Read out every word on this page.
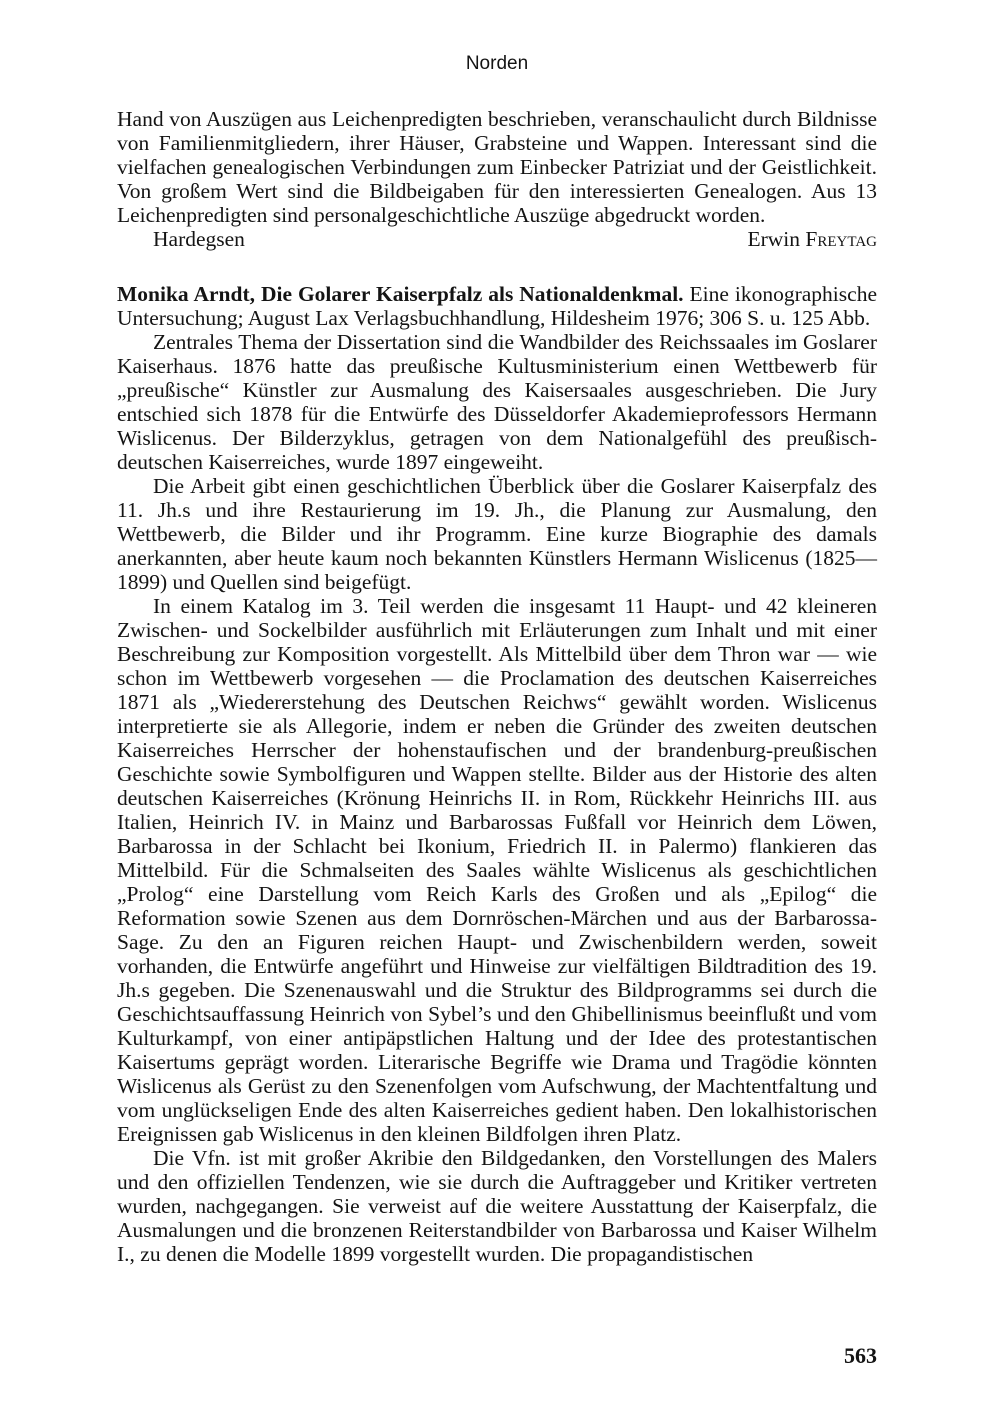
Norden

Hand von Auszügen aus Leichenpredigten beschrieben, veranschaulicht durch Bildnisse von Familienmitgliedern, ihrer Häuser, Grabsteine und Wappen. Interessant sind die vielfachen genealogischen Verbindungen zum Einbecker Patriziat und der Geistlichkeit. Von großem Wert sind die Bildbeigaben für den interessierten Genealogen. Aus 13 Leichenpredigten sind personalgeschichtliche Auszüge abgedruckt worden.

Hardegsen	Erwin Freytag

Monika Arndt, Die Golarer Kaiserpfalz als Nationaldenkmal. Eine ikonographische Untersuchung; August Lax Verlagsbuchhandlung, Hildesheim 1976; 306 S. u. 125 Abb.

Zentrales Thema der Dissertation sind die Wandbilder des Reichssaales im Goslarer Kaiserhaus. 1876 hatte das preußische Kultusministerium einen Wettbewerb für „preußische“ Künstler zur Ausmalung des Kaisersaales ausgeschrieben. Die Jury entschied sich 1878 für die Entwürfe des Düsseldorfer Akademieprofessors Hermann Wislicenus. Der Bilderzyklus, getragen von dem Nationalgefühl des preußisch-deutschen Kaiserreiches, wurde 1897 eingeweiht.

Die Arbeit gibt einen geschichtlichen Überblick über die Goslarer Kaiserpfalz des 11. Jh.s und ihre Restaurierung im 19. Jh., die Planung zur Ausmalung, den Wettbewerb, die Bilder und ihr Programm. Eine kurze Biographie des damals anerkannten, aber heute kaum noch bekannten Künstlers Hermann Wislicenus (1825—1899) und Quellen sind beigefügt.

In einem Katalog im 3. Teil werden die insgesamt 11 Haupt- und 42 kleineren Zwischen- und Sockelbilder ausführlich mit Erläuterungen zum Inhalt und mit einer Beschreibung zur Komposition vorgestellt. Als Mittelbild über dem Thron war — wie schon im Wettbewerb vorgesehen — die Proclamation des deutschen Kaiserreiches 1871 als „Wiedererstehung des Deutschen Reichws“ gewählt worden. Wislicenus interpretierte sie als Allegorie, indem er neben die Gründer des zweiten deutschen Kaiserreiches Herrscher der hohenstaufischen und der brandenburg-preußischen Geschichte sowie Symbolfiguren und Wappen stellte. Bilder aus der Historie des alten deutschen Kaiserreiches (Krönung Heinrichs II. in Rom, Rückkehr Heinrichs III. aus Italien, Heinrich IV. in Mainz und Barbarossas Fußfall vor Heinrich dem Löwen, Barbarossa in der Schlacht bei Ikonium, Friedrich II. in Palermo) flankieren das Mittelbild. Für die Schmalseiten des Saales wählte Wislicenus als geschichtlichen „Prolog“ eine Darstellung vom Reich Karls des Großen und als „Epilog“ die Reformation sowie Szenen aus dem Dornröschen-Märchen und aus der Barbarossa-Sage. Zu den an Figuren reichen Haupt- und Zwischenbildern werden, soweit vorhanden, die Entwürfe angeführt und Hinweise zur vielfältigen Bildtradition des 19. Jh.s gegeben. Die Szenenauswahl und die Struktur des Bildprogramms sei durch die Geschichtsauffassung Heinrich von Sybel’s und den Ghibellinismus beeinflußt und vom Kulturkampf, von einer antipäpstlichen Haltung und der Idee des protestantischen Kaisertums geprägt worden. Literarische Begriffe wie Drama und Tragödie könnten Wislicenus als Gerüst zu den Szenenfolgen vom Aufschwung, der Machtentfaltung und vom unglückseligen Ende des alten Kaiserreiches gedient haben. Den lokalhistorischen Ereignissen gab Wislicenus in den kleinen Bildfolgen ihren Platz.

Die Vfn. ist mit großer Akribie den Bildgedanken, den Vorstellungen des Malers und den offiziellen Tendenzen, wie sie durch die Auftraggeber und Kritiker vertreten wurden, nachgegangen. Sie verweist auf die weitere Ausstattung der Kaiserpfalz, die Ausmalungen und die bronzenen Reiterstandbilder von Barbarossa und Kaiser Wilhelm I., zu denen die Modelle 1899 vorgestellt wurden. Die propagandistischen

563
